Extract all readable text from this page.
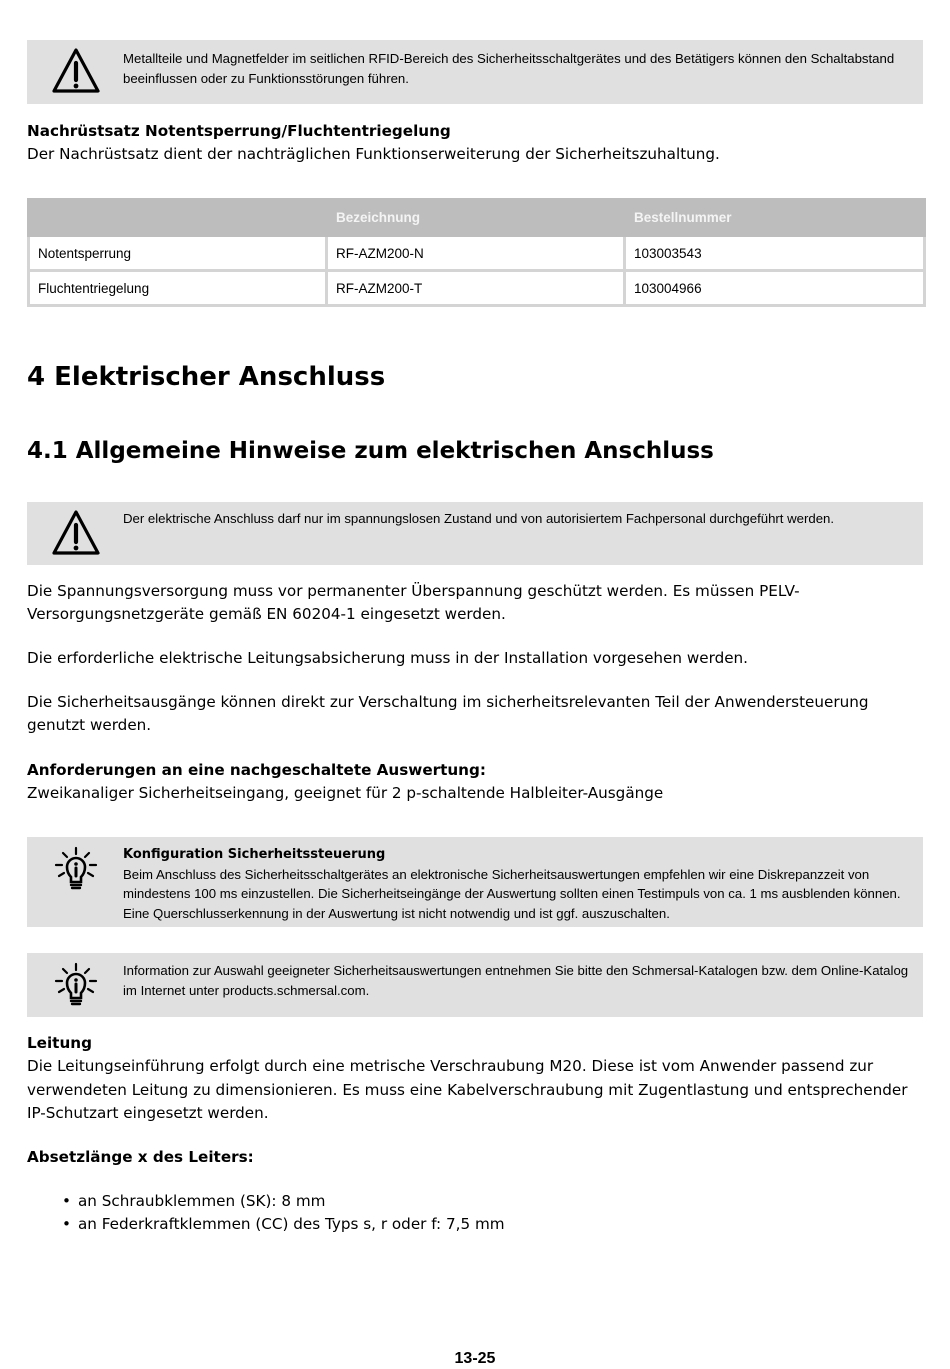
Metallteile und Magnetfelder im seitlichen RFID-Bereich des Sicherheitsschaltgerätes und des Betätigers können den Schaltabstand beeinflussen oder zu Funktionsstörungen führen.
Nachrüstsatz Notentsperrung/Fluchtentriegelung
Der Nachrüstsatz dient der nachträglichen Funktionserweiterung der Sicherheitszuhaltung.
	Bezeichnung	Bestellnummer
Notentsperrung	RF-AZM200-N	103003543
Fluchtentriegelung	RF-AZM200-T	103004966
4 Elektrischer Anschluss
4.1 Allgemeine Hinweise zum elektrischen Anschluss
Der elektrische Anschluss darf nur im spannungslosen Zustand und von autorisiertem Fachpersonal durchgeführt werden.
Die Spannungsversorgung muss vor permanenter Überspannung geschützt werden. Es müssen PELV-Versorgungsnetzgeräte gemäß EN 60204-1 eingesetzt werden.
Die erforderliche elektrische Leitungsabsicherung muss in der Installation vorgesehen werden.
Die Sicherheitsausgänge können direkt zur Verschaltung im sicherheitsrelevanten Teil der Anwendersteuerung genutzt werden.
Anforderungen an eine nachgeschaltete Auswertung:
Zweikanaliger Sicherheitseingang, geeignet für 2 p-schaltende Halbleiter-Ausgänge
Konfiguration Sicherheitssteuerung
Beim Anschluss des Sicherheitsschaltgerätes an elektronische Sicherheitsauswertungen empfehlen wir eine Diskrepanzzeit von mindestens 100 ms einzustellen. Die Sicherheitseingänge der Auswertung sollten einen Testimpuls von ca. 1 ms ausblenden können. Eine Querschlusserkennung in der Auswertung ist nicht notwendig und ist ggf. auszuschalten.
Information zur Auswahl geeigneter Sicherheitsauswertungen entnehmen Sie bitte den Schmersal-Katalogen bzw. dem Online-Katalog im Internet unter products.schmersal.com.
Leitung
Die Leitungseinführung erfolgt durch eine metrische Verschraubung M20. Diese ist vom Anwender passend zur verwendeten Leitung zu dimensionieren. Es muss eine Kabelverschraubung mit Zugentlastung und entsprechender IP-Schutzart eingesetzt werden.
Absetzlänge x des Leiters:
• an Schraubklemmen (SK): 8 mm
• an Federkraftklemmen (CC) des Typs s, r oder f: 7,5 mm
13-25
